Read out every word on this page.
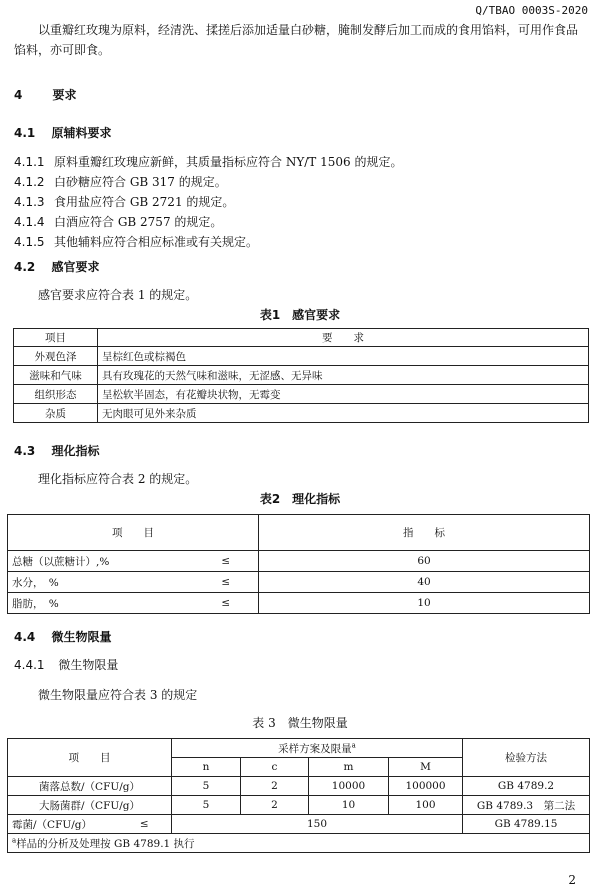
Q/TBAO 0003S-2020
以重瓣红玫瑰为原料，经清洗、揉搓后添加适量白砂糖，腌制发酵后加工而成的食用馅料，可用作食品馅料，亦可即食。
4	要求
4.1 原辅料要求
4.1.1 原料重瓣红玫瑰应新鲜，其质量指标应符合 NY/T 1506 的规定。
4.1.2 白砂糖应符合 GB 317 的规定。
4.1.3 食用盐应符合 GB 2721 的规定。
4.1.4 白酒应符合 GB 2757 的规定。
4.1.5 其他辅料应符合相应标准或有关规定。
4.2 感官要求
感官要求应符合表 1 的规定。
表1　感官要求
项目	要　　求
外观色泽	呈棕红色或棕褐色
滋味和气味	具有玫瑰花的天然气味和滋味，无涩感、无异味
组织形态	呈松软半固态，有花瓣块状物，无霉变
杂质	无肉眼可见外来杂质
4.3 理化指标
理化指标应符合表 2 的规定。
表2　理化指标
项　　目		指　　标
总糖（以蔗糖计）,%	≤	60
水分，　%	≤	40
脂肪，　%	≤	10
4.4 微生物限量
4.4.1 微生物限量
微生物限量应符合表 3 的规定
表 3　微生物限量
项　　目		采样方案及限量$^a$				检验方法
		n	c	m	M	
菌落总数/（CFU/g）		5	2	10000	100000	GB 4789.2
大肠菌群/（CFU/g）		5	2	10	100	GB 4789.3　第二法
霉菌/（CFU/g）	≤	150				GB 4789.15
$^a$样品的分析及处理按 GB 4789.1 执行						
2
